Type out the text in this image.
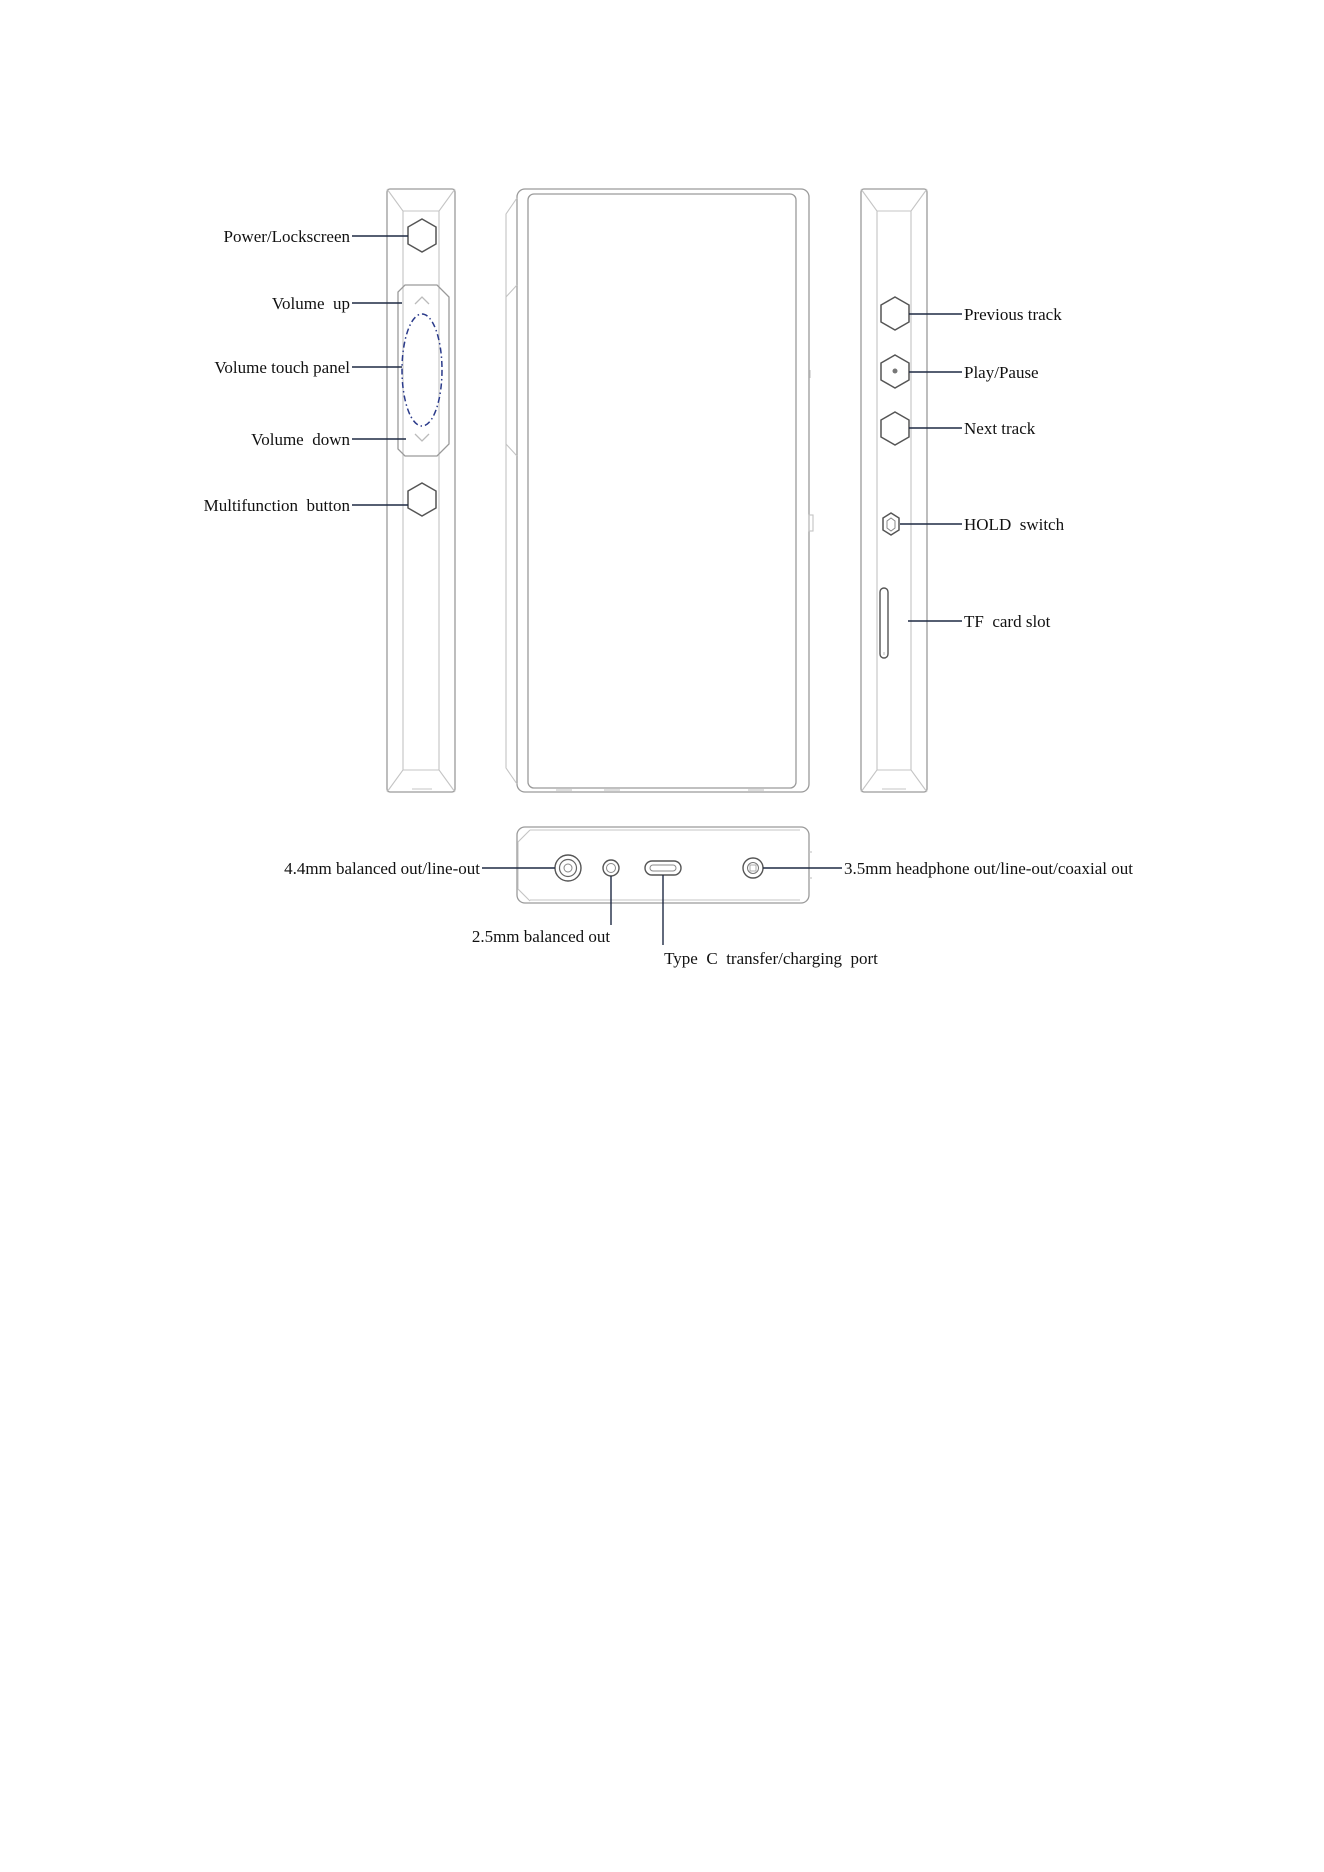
Power/Lockscreen
Volume  up
Volume touch panel
Volume  down
Multifunction  button
Previous track
Play/Pause
Next track
HOLD  switch
TF  card slot
4.4mm balanced out/line-out
2.5mm balanced out
Type  C  transfer/charging  port
3.5mm headphone out/line-out/coaxial out
